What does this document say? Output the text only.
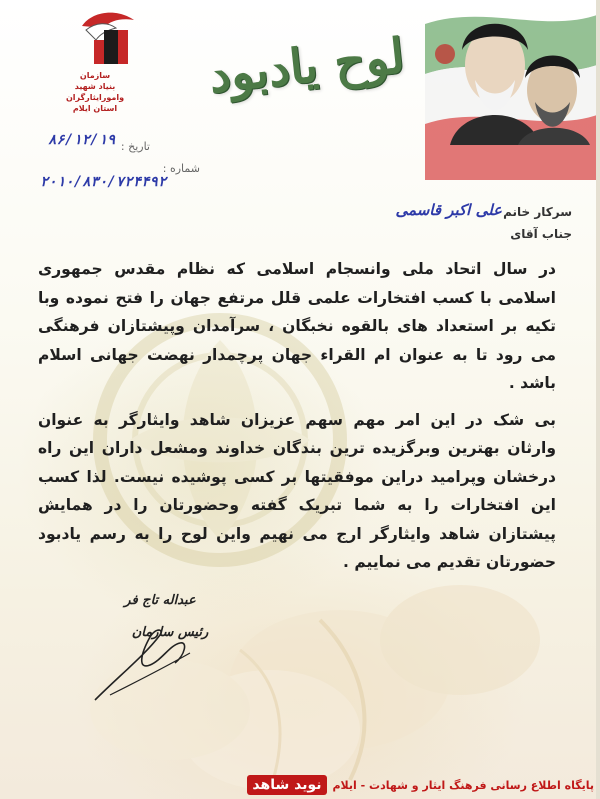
سازمان
بنیاد شهید
وامورایثارگران
استان ایلام
لوح یادبود
تاریخ :
۸۶/۱۲/۱۹
شماره :
۲۰۱۰/۸۳۰/۷۲۴۴۹۲
سرکار خانم
جناب آقای
علی اکبر قاسمی

در سال اتحاد ملی وانسجام اسلامی که نظام مقدس جمهوری اسلامی با کسب افتخارات علمی قلل مرتفع جهان را فتح نموده وبا تکیه بر استعداد های بالقوه نخبگان ، سرآمدان وپیشتازان فرهنگی می رود تا به عنوان ام القراء جهان پرچمدار نهضت جهانی اسلام باشد .

بی شک در این امر مهم سهم عزیزان شاهد وایثارگر به عنوان وارثان بهترین وبرگزیده ترین بندگان خداوند ومشعل داران این راه درخشان وپرامید دراین موفقیتها بر کسی پوشیده نیست. لذا کسب این افتخارات را به شما تبریک گفته وحضورتان را در همایش پیشتازان شاهد وایثارگر ارج می نهیم واین لوح را به رسم یادبود حضورتان تقدیم می نماییم .

عبداله تاج فر
رئیس سازمان
پایگاه اطلاع رسانی فرهنگ ایثار و شهادت - ایلام
نوید شاهد
